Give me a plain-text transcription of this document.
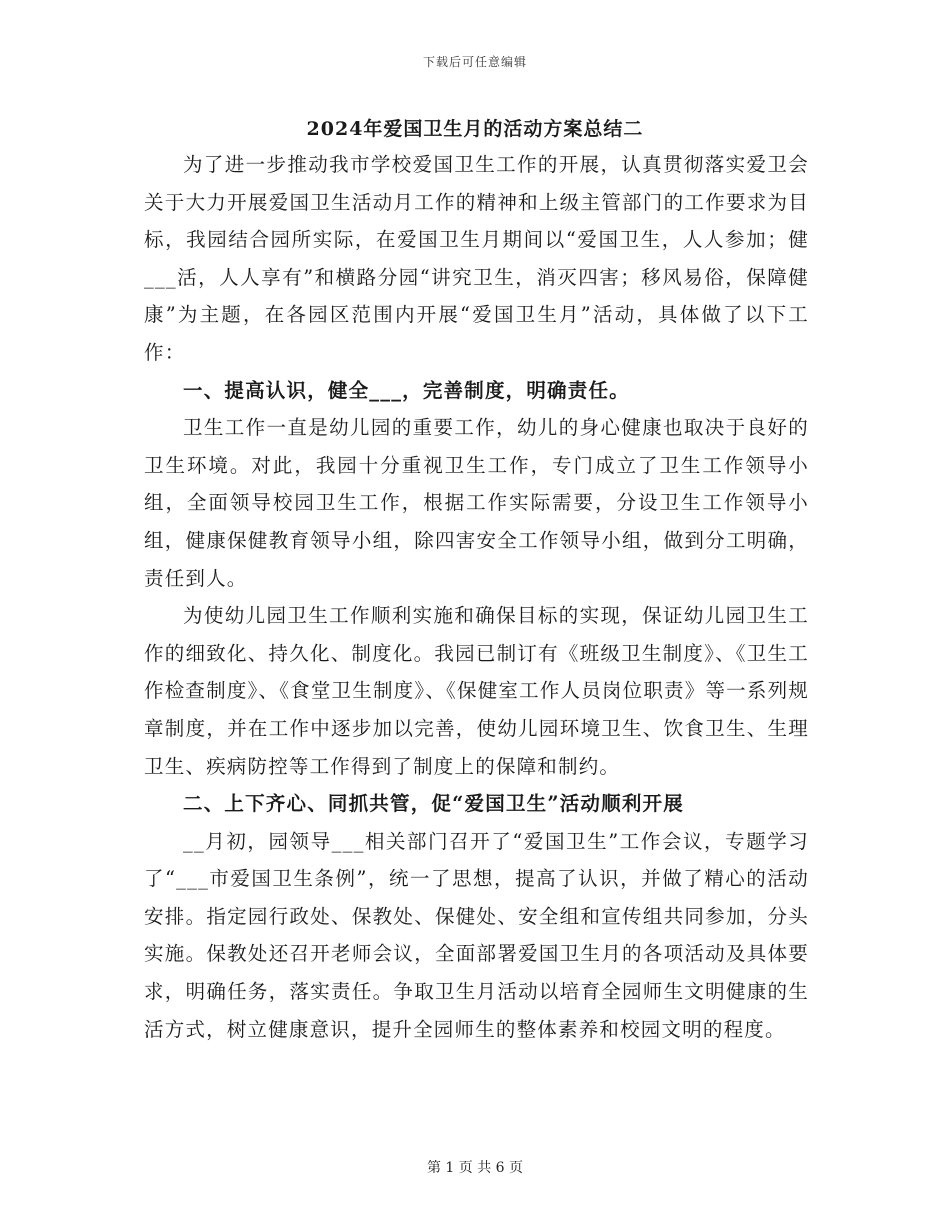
下载后可任意编辑
2024年爱国卫生月的活动方案总结二

为了进一步推动我市学校爱国卫生工作的开展，认真贯彻落实爱卫会关于大力开展爱国卫生活动月工作的精神和上级主管部门的工作要求为目标，我园结合园所实际，在爱国卫生月期间以“爱国卫生，人人参加；健___活，人人享有”和横路分园“讲究卫生，消灭四害；移风易俗，保障健康”为主题，在各园区范围内开展“爱国卫生月”活动，具体做了以下工作：

一、提高认识，健全___，完善制度，明确责任。

卫生工作一直是幼儿园的重要工作，幼儿的身心健康也取决于良好的卫生环境。对此，我园十分重视卫生工作，专门成立了卫生工作领导小组，全面领导校园卫生工作，根据工作实际需要，分设卫生工作领导小组，健康保健教育领导小组，除四害安全工作领导小组，做到分工明确，责任到人。

为使幼儿园卫生工作顺利实施和确保目标的实现，保证幼儿园卫生工作的细致化、持久化、制度化。我园已制订有《班级卫生制度》、《卫生工作检查制度》、《食堂卫生制度》、《保健室工作人员岗位职责》等一系列规章制度，并在工作中逐步加以完善，使幼儿园环境卫生、饮食卫生、生理卫生、疾病防控等工作得到了制度上的保障和制约。

二、上下齐心、同抓共管，促“爱国卫生”活动顺利开展

__月初，园领导___相关部门召开了“爱国卫生”工作会议，专题学习了“___市爱国卫生条例”，统一了思想，提高了认识，并做了精心的活动安排。指定园行政处、保教处、保健处、安全组和宣传组共同参加，分头实施。保教处还召开老师会议，全面部署爱国卫生月的各项活动及具体要求，明确任务，落实责任。争取卫生月活动以培育全园师生文明健康的生活方式，树立健康意识，提升全园师生的整体素养和校园文明的程度。

第 1 页 共 6 页
